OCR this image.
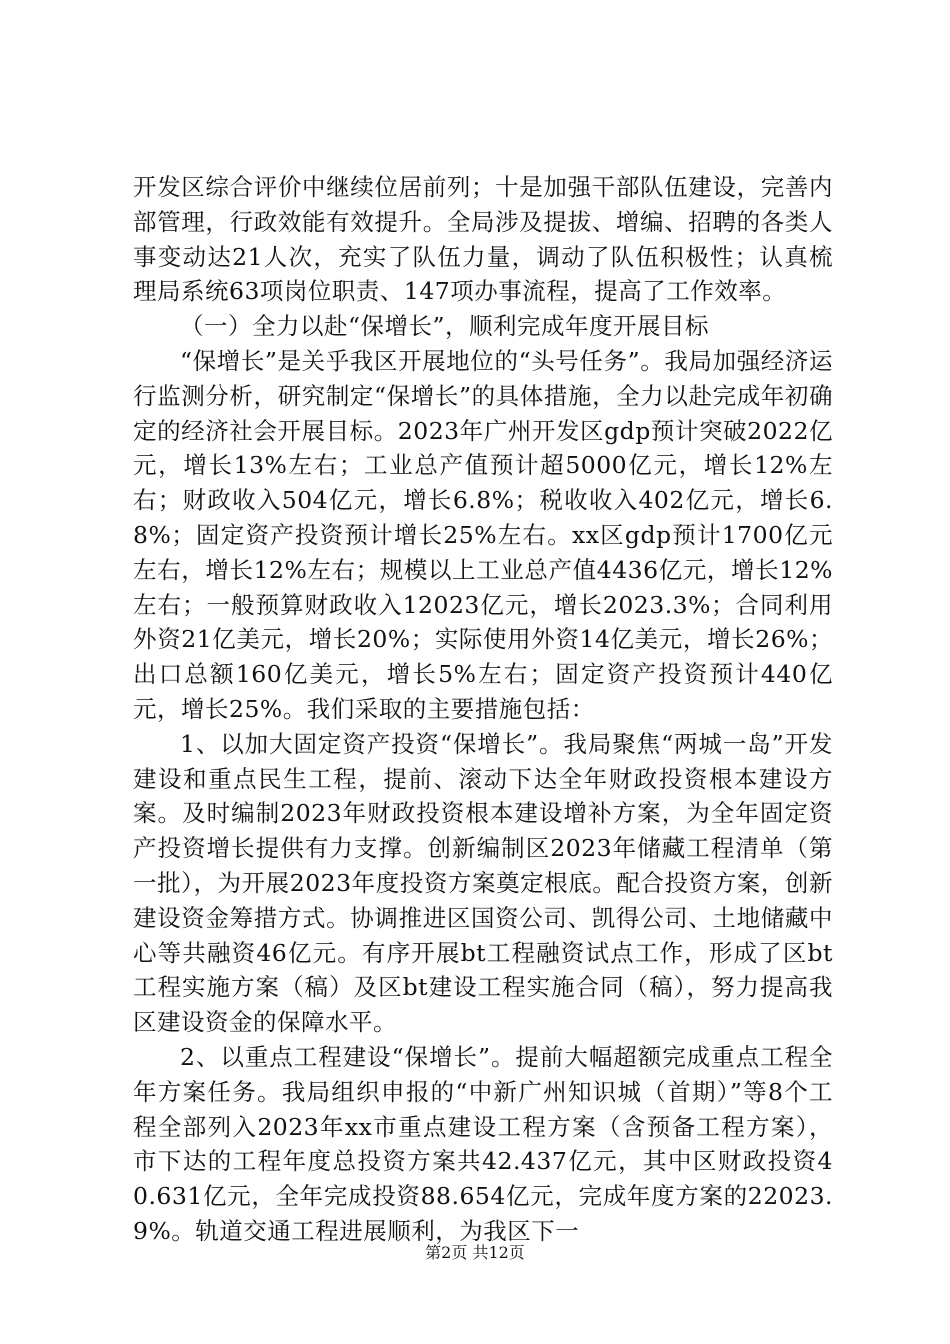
开发区综合评价中继续位居前列；十是加强干部队伍建设，完善内部管理，行政效能有效提升。全局涉及提拔、增编、招聘的各类人事变动达21人次，充实了队伍力量，调动了队伍积极性；认真梳理局系统63项岗位职责、147项办事流程，提高了工作效率。

（一）全力以赴“保增长”，顺利完成年度开展目标

“保增长”是关乎我区开展地位的“头号任务”。我局加强经济运行监测分析，研究制定“保增长”的具体措施，全力以赴完成年初确定的经济社会开展目标。2023年广州开发区gdp预计突破2022亿元，增长13%左右；工业总产值预计超5000亿元，增长12%左右；财政收入504亿元，增长6.8%；税收收入402亿元，增长6.8%；固定资产投资预计增长25%左右。xx区gdp预计1700亿元左右，增长12%左右；规模以上工业总产值4436亿元，增长12%左右；一般预算财政收入12023亿元，增长2023.3%；合同利用外资21亿美元，增长20%；实际使用外资14亿美元，增长26%；出口总额160亿美元，增长5%左右；固定资产投资预计440亿元，增长25%。我们采取的主要措施包括：

1、以加大固定资产投资“保增长”。我局聚焦“两城一岛”开发建设和重点民生工程，提前、滚动下达全年财政投资根本建设方案。及时编制2023年财政投资根本建设增补方案，为全年固定资产投资增长提供有力支撑。创新编制区2023年储藏工程清单（第一批），为开展2023年度投资方案奠定根底。配合投资方案，创新建设资金筹措方式。协调推进区国资公司、凯得公司、土地储藏中心等共融资46亿元。有序开展bt工程融资试点工作，形成了区bt工程实施方案（稿）及区bt建设工程实施合同（稿），努力提高我区建设资金的保障水平。

2、以重点工程建设“保增长”。提前大幅超额完成重点工程全年方案任务。我局组织申报的“中新广州知识城（首期）”等8个工程全部列入2023年xx市重点建设工程方案（含预备工程方案），市下达的工程年度总投资方案共42.437亿元，其中区财政投资40.631亿元，全年完成投资88.654亿元，完成年度方案的22023.9%。轨道交通工程进展顺利，为我区下一

第2页 共12页
